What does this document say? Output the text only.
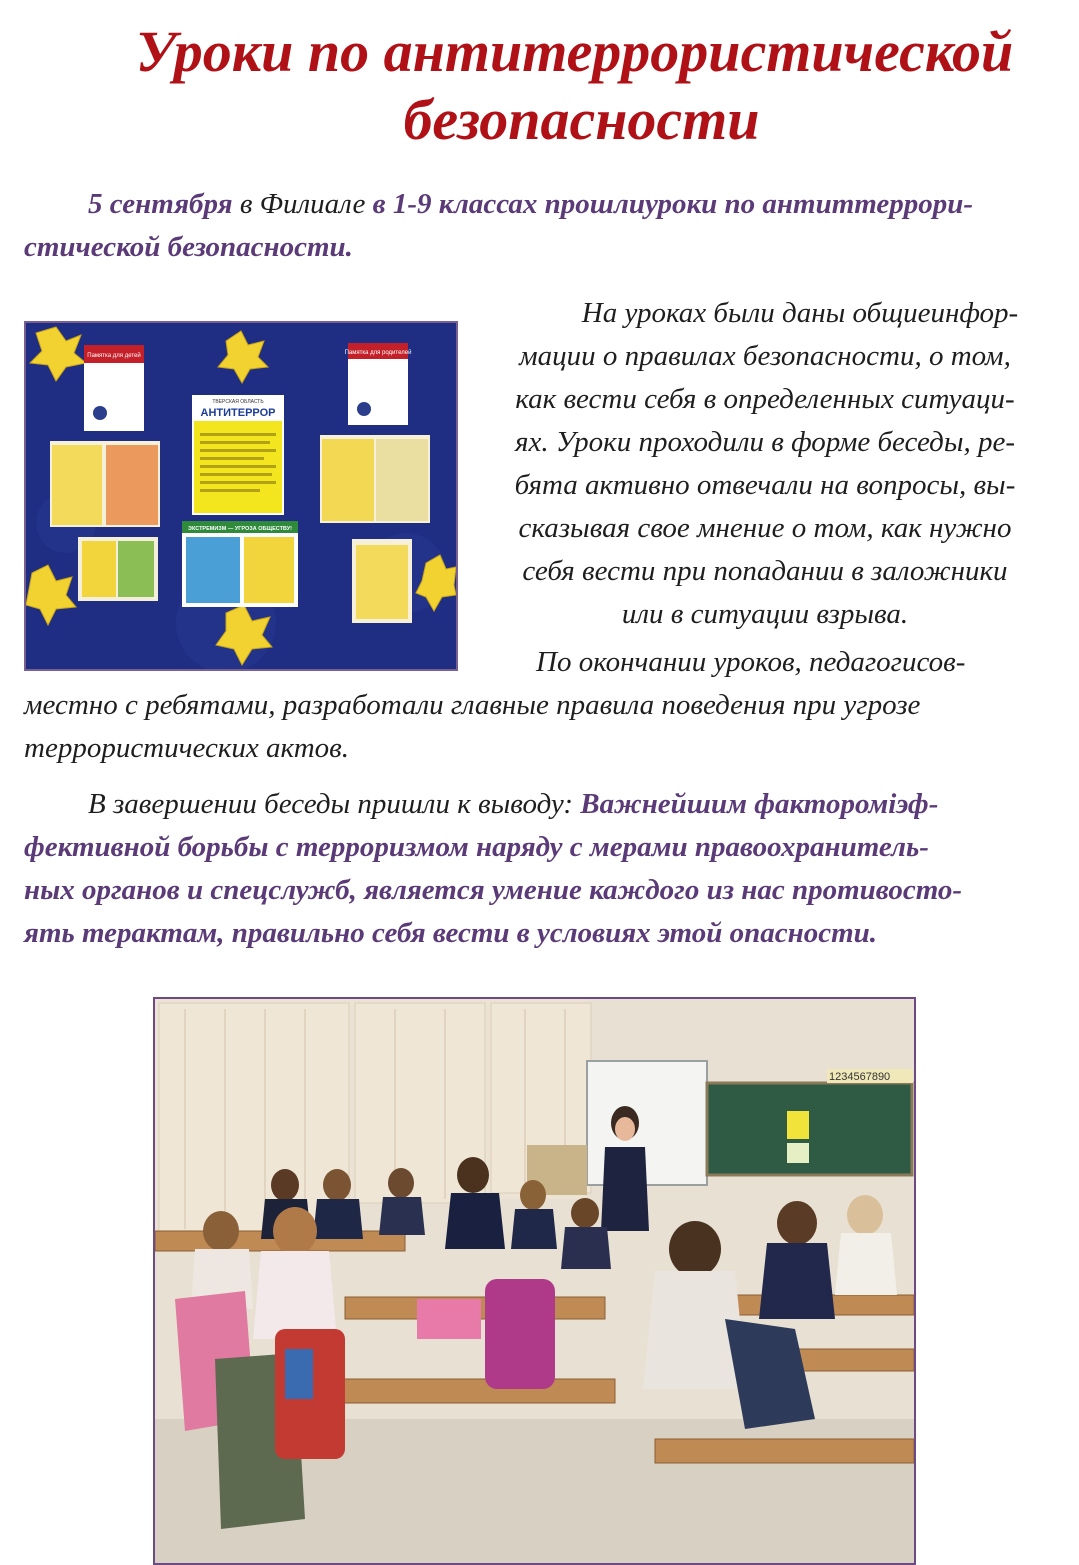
Уроки по антитеррористической
безопасности

5 сентября в Филиале в 1-9 классах прошлиуроки по антиттеррори-
стической безопасности.

Памятка для детей	Памятка для родителей
ТВЕРСКАЯ ОБЛАСТЬ
АНТИТЕРРОР
ЭКСТРЕМИЗМ — УГРОЗА ОБЩЕСТВУ!

На уроках были даны общиеинфор-
мации о правилах безопасности, о том,
как вести себя в определенных ситуаци-
ях. Уроки проходили в форме беседы, ре-
бята активно отвечали на вопросы, вы-
сказывая свое мнение о том, как нужно
себя вести при попадании в заложники
или в ситуации взрыва.

По окончании уроков, педагогисов-
местно с ребятами, разработали главные правила поведения при угрозе
террористических актов.

В завершении беседы пришли к выводу: Важнейшим фактороміэф-
фективной борьбы с терроризмом наряду с мерами правоохранитель-
ных органов и спецслужб, является умение каждого из нас противосто-
ять терактам, правильно себя вести в условиях этой опасности.

1234567890
